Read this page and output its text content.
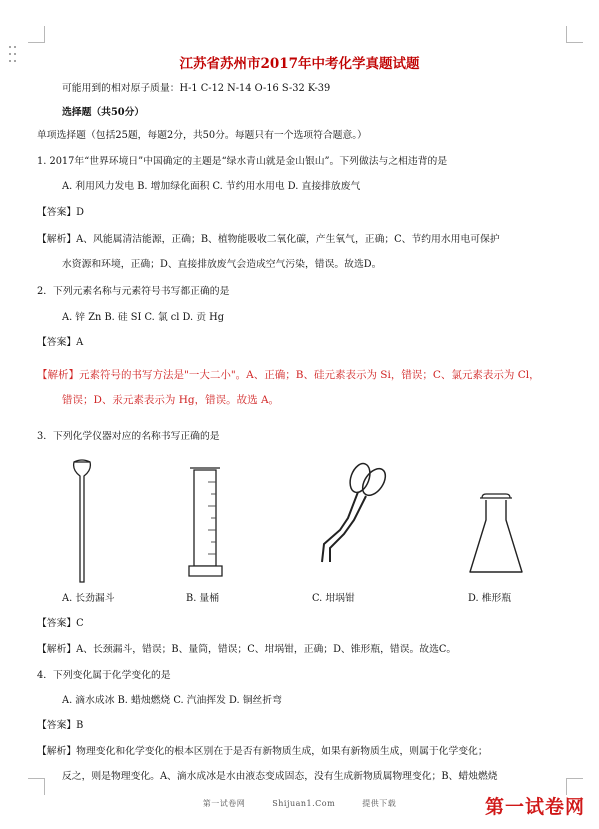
江苏省苏州市2017年中考化学真题试题
可能用到的相对原子质量：H-1 C-12 N-14 O-16 S-32 K-39
选择题（共50分）
单项选择题（包括25题，每题2分，共50分。每题只有一个选项符合题意。）
1. 2017年“世界环境日”中国确定的主题是“绿水青山就是金山银山”。下列做法与之相违背的是
A. 利用风力发电 B. 增加绿化面积 C. 节约用水用电 D. 直接排放废气
【答案】D
【解析】A、风能属清洁能源，正确；B、植物能吸收二氧化碳，产生氧气，正确；C、节约用水用电可保护
水资源和环境，正确；D、直接排放废气会造成空气污染，错误。故选D。
2．下列元素名称与元素符号书写都正确的是
A. 锌 Zn B. 硅 SI C. 氯 cl D. 贡 Hg
【答案】A
【解析】元素符号的书写方法是"一大二小"。A、正确；B、硅元素表示为 Si，错误；C、氯元素表示为 Cl，
错误；D、汞元素表示为 Hg，错误。故选 A。
3．下列化学仪器对应的名称书写正确的是
A. 长劲漏斗	B. 量桶	C. 坩埚钳	D. 椎形瓶
【答案】C
【解析】A、长颈漏斗，错误；B、量筒，错误；C、坩埚钳，正确；D、锥形瓶，错误。故选C。
4．下列变化属于化学变化的是
A. 滴水成冰 B. 蜡烛燃烧 C. 汽油挥发 D. 铜丝折弯
【答案】B
【解析】物理变化和化学变化的根本区别在于是否有新物质生成，如果有新物质生成，则属于化学变化；
反之，则是物理变化。A、滴水成冰是水由液态变成固态，没有生成新物质属物理变化；B、蜡烛燃烧
第一试卷网	Shijuan1.Com	提供下载	第一试卷网
